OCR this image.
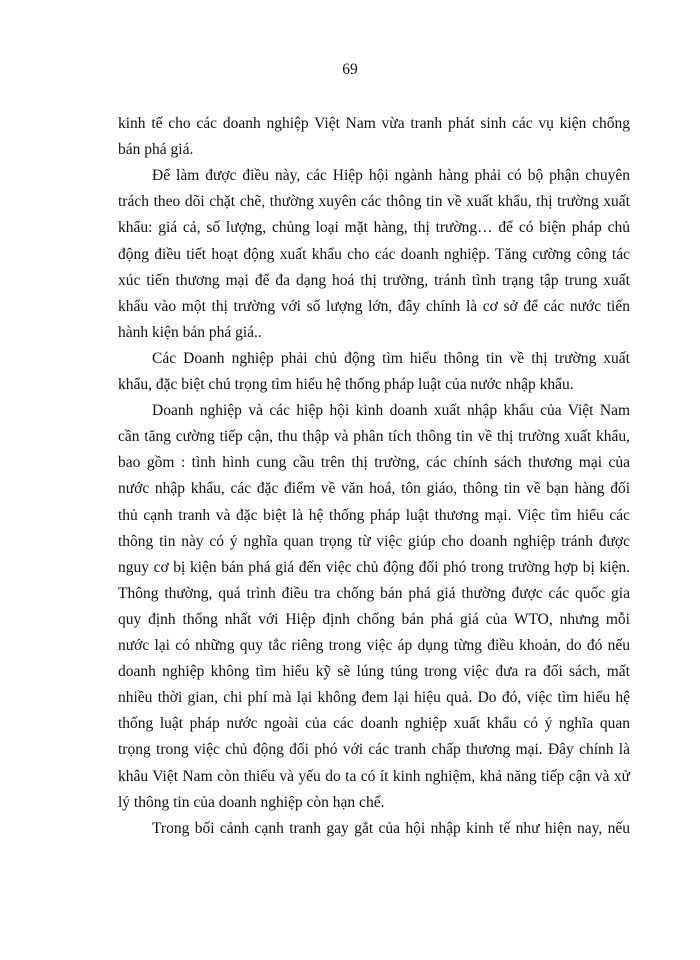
69
kinh tế cho các doanh nghiệp Việt Nam vừa tranh phát sinh các vụ kiện chống
bán phá giá.
Để làm được điều này, các Hiệp hội ngành hàng phải có bộ phận chuyên
trách theo dõi chặt chẽ, thường xuyên các thông tin về xuất khẩu, thị trường xuất
khẩu: giá cả, số lượng, chủng loại mặt hàng, thị trường… để có biện pháp chủ
động điều tiết hoạt động xuất khẩu cho các doanh nghiệp. Tăng cường công tác
xúc tiến thương mại để đa dạng hoá thị trường, tránh tình trạng tập trung xuất
khẩu vào một thị trường với số lượng lớn, đây chính là cơ sở để các nước tiến
hành kiện bán phá giá..
Các Doanh nghiệp phải chủ động tìm hiểu thông tin về thị trường xuất
khẩu, đặc biệt chú trọng tìm hiểu hệ thống pháp luật của nước nhập khẩu.
Doanh nghiệp và các hiệp hội kinh doanh xuất nhập khẩu của Việt Nam
cần tăng cường tiếp cận, thu thập và phân tích thông tin về thị trường xuất khẩu,
bao gồm : tình hình cung cầu trên thị trường, các chính sách thương mại của
nước nhập khẩu, các đặc điểm về văn hoá, tôn giáo, thông tin về bạn hàng đối
thủ cạnh tranh và đặc biệt là hệ thống pháp luật thương mại. Việc tìm hiểu các
thông tin này có ý nghĩa quan trọng từ việc giúp cho doanh nghiệp tránh được
nguy cơ bị kiện bán phá giá đến việc chủ động đối phó trong trường hợp bị kiện.
Thông thường, quá trình điều tra chống bán phá giá thường được các quốc gia
quy định thống nhất với Hiệp định chống bán phá giá của WTO, nhưng mỗi
nước lại có những quy tắc riêng trong việc áp dụng từng điều khoản, do đó nếu
doanh nghiệp không tìm hiểu kỹ sẽ lúng túng trong việc đưa ra đối sách, mất
nhiều thời gian, chi phí mà lại không đem lại hiệu quả. Do đó, việc tìm hiểu hệ
thống luật pháp nước ngoài của các doanh nghiệp xuất khẩu có ý nghĩa quan
trọng trong việc chủ động đối phó với các tranh chấp thương mại. Đây chính là
khâu Việt Nam còn thiếu và yếu do ta có ít kinh nghiệm, khả năng tiếp cận và xử
lý thông tin của doanh nghiệp còn hạn chế.
Trong bối cảnh cạnh tranh gay gắt của hội nhập kinh tế như hiện nay, nếu
